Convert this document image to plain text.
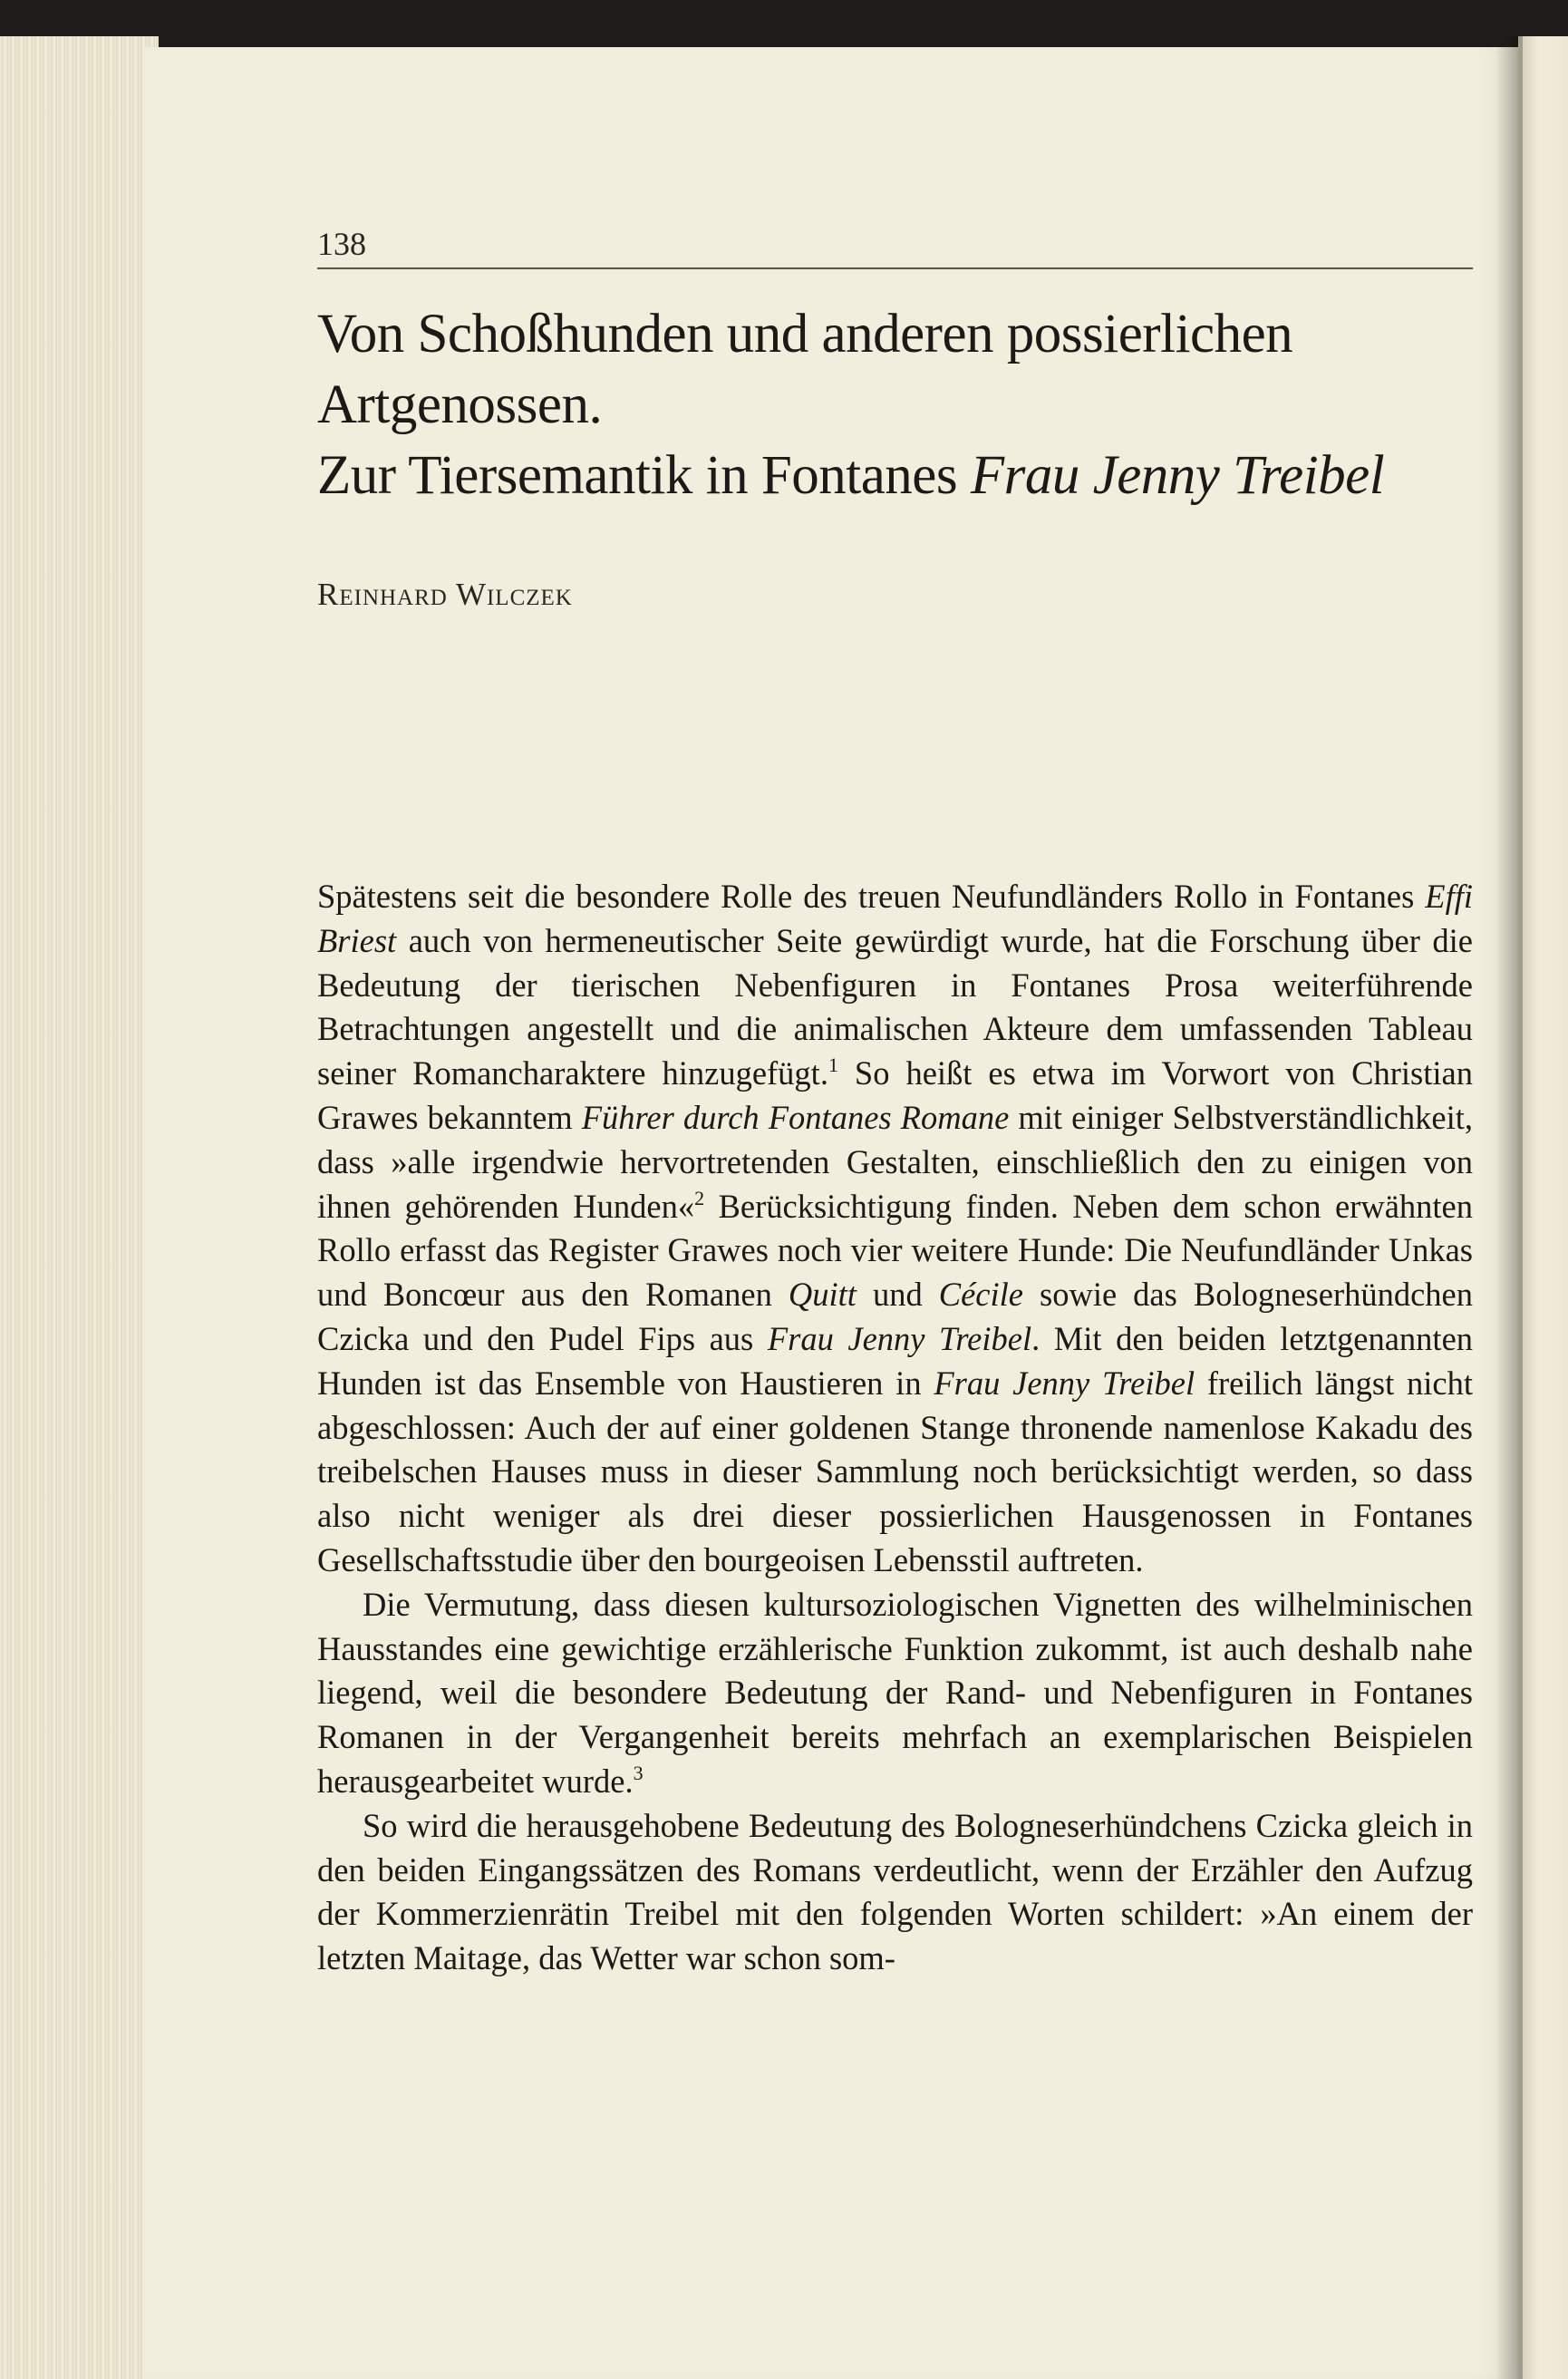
138
Von Schoßhunden und anderen possierlichen
Artgenossen.
Zur Tiersemantik in Fontanes Frau Jenny Treibel
Reinhard Wilczek

Spätestens seit die besondere Rolle des treuen Neufundländers Rollo in Fontanes Effi Briest auch von hermeneutischer Seite gewürdigt wurde, hat die Forschung über die Bedeutung der tierischen Nebenfiguren in Fontanes Prosa weiterführende Betrachtungen angestellt und die animalischen Akteure dem umfassenden Tableau seiner Romancharaktere hinzugefügt.$^1$ So heißt es etwa im Vorwort von Christian Grawes bekanntem Führer durch Fontanes Romane mit einiger Selbstverständlichkeit, dass »alle irgendwie hervortretenden Gestalten, einschließlich den zu einigen von ihnen gehörenden Hunden«$^2$ Berücksichtigung finden. Neben dem schon erwähnten Rollo erfasst das Register Grawes noch vier weitere Hunde: Die Neufundländer Unkas und Boncœur aus den Romanen Quitt und Cécile sowie das Bologneserhündchen Czicka und den Pudel Fips aus Frau Jenny Treibel. Mit den beiden letztgenannten Hunden ist das Ensemble von Haustieren in Frau Jenny Treibel freilich längst nicht abgeschlossen: Auch der auf einer goldenen Stange thronende namenlose Kakadu des treibelschen Hauses muss in dieser Sammlung noch berücksichtigt werden, so dass also nicht weniger als drei dieser possierlichen Hausgenossen in Fontanes Gesellschaftsstudie über den bourgeoisen Lebensstil auftreten.

Die Vermutung, dass diesen kultursoziologischen Vignetten des wilhelminischen Hausstandes eine gewichtige erzählerische Funktion zukommt, ist auch deshalb nahe liegend, weil die besondere Bedeutung der Rand- und Nebenfiguren in Fontanes Romanen in der Vergangenheit bereits mehrfach an exemplarischen Beispielen herausgearbeitet wurde.$^3$

So wird die herausgehobene Bedeutung des Bologneserhündchens Czicka gleich in den beiden Eingangssätzen des Romans verdeutlicht, wenn der Erzähler den Aufzug der Kommerzienrätin Treibel mit den folgenden Worten schildert: »An einem der letzten Maitage, das Wetter war schon som-
